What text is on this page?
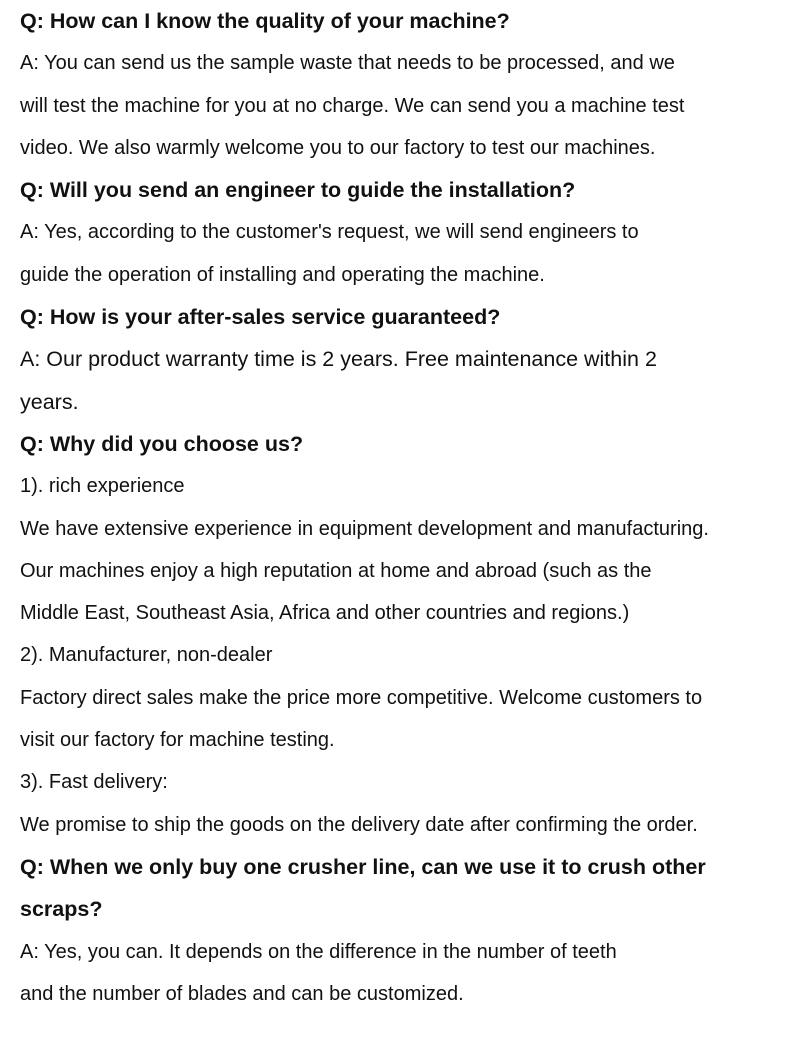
Q: How can I know the quality of your machine?
A: You can send us the sample waste that needs to be processed, and we
will test the machine for you at no charge. We can send you a machine test
video. We also warmly welcome you to our factory to test our machines.
Q: Will you send an engineer to guide the installation?
A: Yes, according to the customer's request, we will send engineers to
guide the operation of installing and operating the machine.
Q: How is your after-sales service guaranteed?
A: Our product warranty time is 2 years. Free maintenance within 2
years.
Q: Why did you choose us?
1). rich experience
We have extensive experience in equipment development and manufacturing.
Our machines enjoy a high reputation at home and abroad (such as the
Middle East, Southeast Asia, Africa and other countries and regions.)
2). Manufacturer, non-dealer
Factory direct sales make the price more competitive. Welcome customers to
visit our factory for machine testing.
3). Fast delivery:
We promise to ship the goods on the delivery date after confirming the order.
Q: When we only buy one crusher line, can we use it to crush other
scraps?
A: Yes, you can. It depends on the difference in the number of teeth
and the number of blades and can be customized.
